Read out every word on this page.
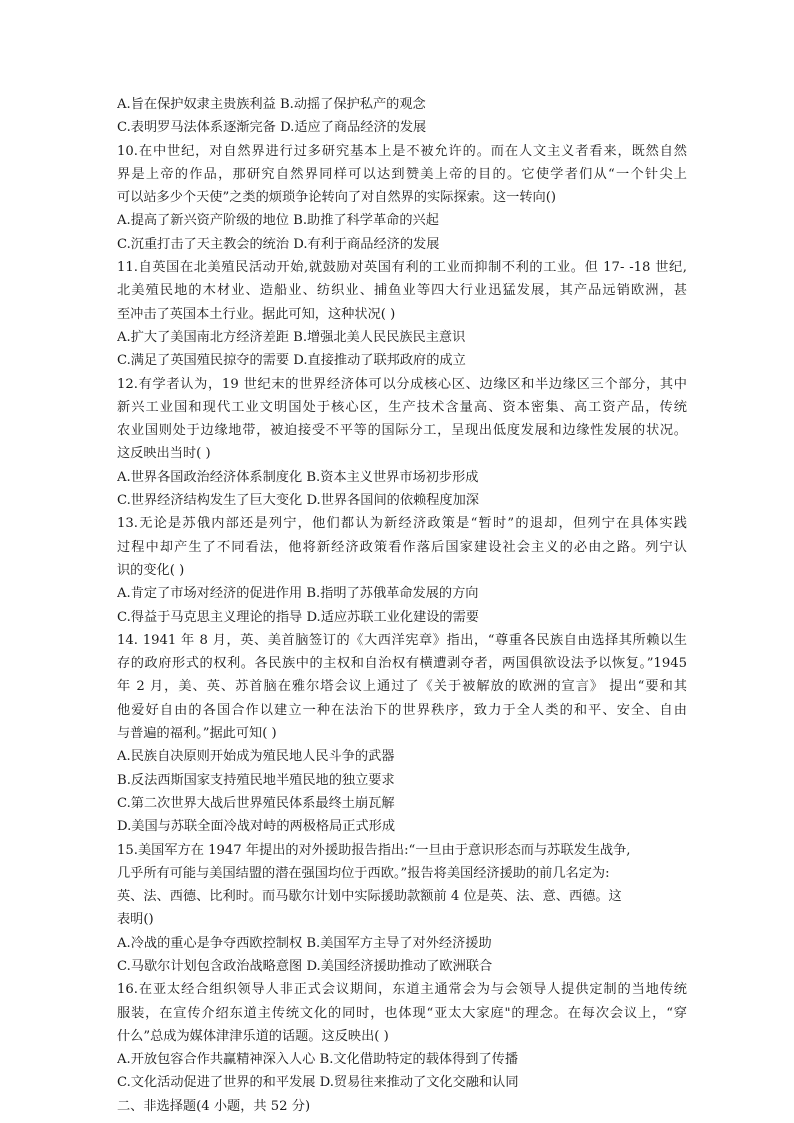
A.旨在保护奴隶主贵族利益 B.动摇了保护私产的观念
C.表明罗马法体系逐渐完备 D.适应了商品经济的发展
10.在中世纪，对自然界进行过多研究基本上是不被允许的。而在人文主义者看来，既然自然
界是上帝的作品，那研究自然界同样可以达到赞美上帝的目的。它使学者们从“一个针尖上
可以站多少个天使”之类的烦琐争论转向了对自然界的实际探索。这一转向()
A.提高了新兴资产阶级的地位 B.助推了科学革命的兴起
C.沉重打击了天主教会的统治 D.有利于商品经济的发展
11.自英国在北美殖民活动开始,就鼓励对英国有利的工业而抑制不利的工业。但 17- -18 世纪,
北美殖民地的木材业、造船业、纺织业、捕鱼业等四大行业迅猛发展，其产品远销欧洲，甚
至冲击了英国本土行业。据此可知，这种状况( )
A.扩大了美国南北方经济差距 B.增强北美人民民族民主意识
C.满足了英国殖民掠夺的需要 D.直接推动了联邦政府的成立
12.有学者认为，19 世纪末的世界经济体可以分成核心区、边缘区和半边缘区三个部分，其中
新兴工业国和现代工业文明国处于核心区，生产技术含量高、资本密集、高工资产品，传统
农业国则处于边缘地带，被迫接受不平等的国际分工，呈现出低度发展和边缘性发展的状况。
这反映出当时( )
A.世界各国政治经济体系制度化 B.资本主义世界市场初步形成
C.世界经济结构发生了巨大变化 D.世界各国间的依赖程度加深
13.无论是苏俄内部还是列宁，他们都认为新经济政策是“暂时”的退却，但列宁在具体实践
过程中却产生了不同看法，他将新经济政策看作落后国家建设社会主义的必由之路。列宁认
识的变化( )
A.肯定了市场对经济的促进作用 B.指明了苏俄革命发展的方向
C.得益于马克思主义理论的指导 D.适应苏联工业化建设的需要
14. 1941 年 8 月，英、美首脑签订的《大西洋宪章》指出，“尊重各民族自由选择其所赖以生
存的政府形式的权利。各民族中的主权和自治权有横遭剥夺者，两国俱欲设法予以恢复。”1945
年 2 月，美、英、苏首脑在雅尔塔会议上通过了《关于被解放的欧洲的宣言》 提出“要和其
他爱好自由的各国合作以建立一种在法治下的世界秩序，致力于全人类的和平、安全、自由
与普遍的福利。”据此可知( )
A.民族自决原则开始成为殖民地人民斗争的武器
B.反法西斯国家支持殖民地半殖民地的独立要求
C.第二次世界大战后世界殖民体系最终土崩瓦解
D.美国与苏联全面冷战对峙的两极格局正式形成
15.美国军方在 1947 年提出的对外援助报告指出:“一旦由于意识形态而与苏联发生战争,
几乎所有可能与美国结盟的潜在强国均位于西欧。”报告将美国经济援助的前几名定为:
英、法、西德、比利时。而马歇尔计划中实际援助款额前 4 位是英、法、意、西德。这
表明()
A.冷战的重心是争夺西欧控制权 B.美国军方主导了对外经济援助
C.马歇尔计划包含政治战略意图 D.美国经济援助推动了欧洲联合
16.在亚太经合组织领导人非正式会议期间，东道主通常会为与会领导人提供定制的当地传统
服装，在宣传介绍东道主传统文化的同时，也体现“亚太大家庭"的理念。在每次会议上，“穿
什么”总成为媒体津津乐道的话题。这反映出( )
A.开放包容合作共赢精神深入人心 B.文化借助特定的载体得到了传播
C.文化活动促进了世界的和平发展 D.贸易往来推动了文化交融和认同
二、非选择题(4 小题，共 52 分)
